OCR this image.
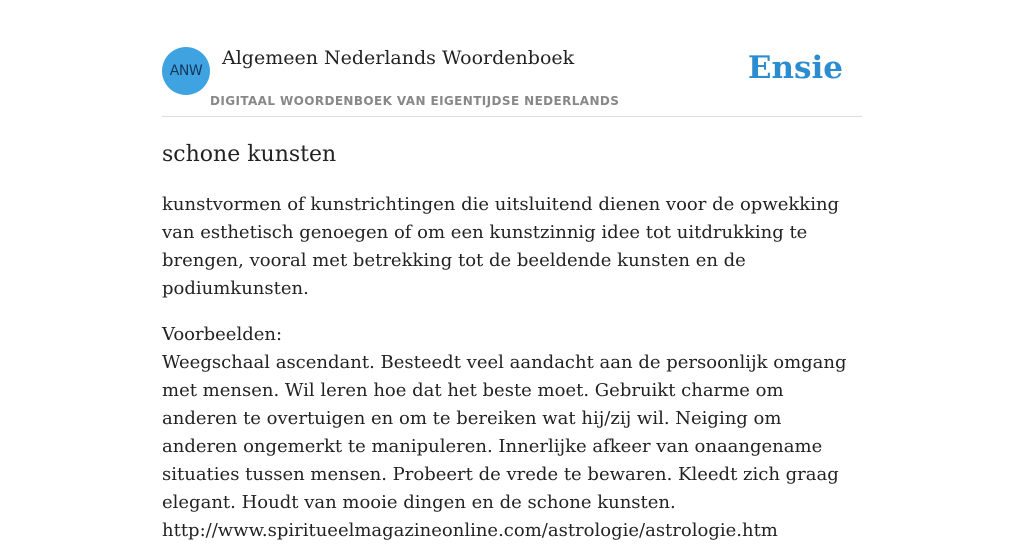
ANW
Algemeen Nederlands Woordenboek
DIGITAAL WOORDENBOEK VAN EIGENTIJDSE NEDERLANDS
Ensie
schone kunsten

kunstvormen of kunstrichtingen die uitsluitend dienen voor de opwekking van esthetisch genoegen of om een kunstzinnig idee tot uitdrukking te brengen, vooral met betrekking tot de beeldende kunsten en de podiumkunsten.

Voorbeelden:
Weegschaal ascendant. Besteedt veel aandacht aan de persoonlijk omgang met mensen. Wil leren hoe dat het beste moet. Gebruikt charme om anderen te overtuigen en om te bereiken wat hij/zij wil. Neiging om anderen ongemerkt te manipuleren. Innerlijke afkeer van onaangename situaties tussen mensen. Probeert de vrede te bewaren. Kleedt zich graag elegant. Houdt van mooie dingen en de schone kunsten.
http://www.spiritueelmagazineonline.com/astrologie/astrologie.htm
